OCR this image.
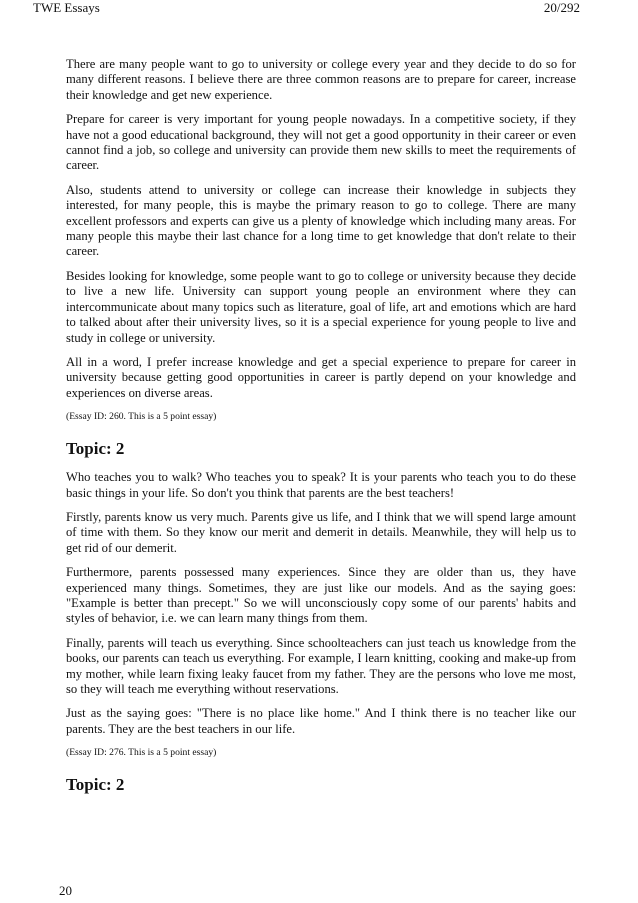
TWE Essays	20/292

There are many people want to go to university or college every year and they decide to do so for many different reasons. I believe there are three common reasons are to prepare for career, increase their knowledge and get new experience.

Prepare for career is very important for young people nowadays. In a competitive society, if they have not a good educational background, they will not get a good opportunity in their career or even cannot find a job, so college and university can provide them new skills to meet the requirements of career.

Also, students attend to university or college can increase their knowledge in subjects they interested, for many people, this is maybe the primary reason to go to college. There are many excellent professors and experts can give us a plenty of knowledge which including many areas. For many people this maybe their last chance for a long time to get knowledge that don't relate to their career.

Besides looking for knowledge, some people want to go to college or university because they decide to live a new life. University can support young people an environment where they can intercommunicate about many topics such as literature, goal of life, art and emotions which are hard to talked about after their university lives, so it is a special experience for young people to live and study in college or university.

All in a word, I prefer increase knowledge and get a special experience to prepare for career in university because getting good opportunities in career is partly depend on your knowledge and experiences on diverse areas.

(Essay ID: 260. This is a 5 point essay)

Topic: 2

Who teaches you to walk? Who teaches you to speak? It is your parents who teach you to do these basic things in your life. So don't you think that parents are the best teachers!

Firstly, parents know us very much. Parents give us life, and I think that we will spend large amount of time with them. So they know our merit and demerit in details. Meanwhile, they will help us to get rid of our demerit.

Furthermore, parents possessed many experiences. Since they are older than us, they have experienced many things. Sometimes, they are just like our models. And as the saying goes: "Example is better than precept." So we will unconsciously copy some of our parents' habits and styles of behavior, i.e. we can learn many things from them.

Finally, parents will teach us everything. Since schoolteachers can just teach us knowledge from the books, our parents can teach us everything. For example, I learn knitting, cooking and make-up from my mother, while learn fixing leaky faucet from my father. They are the persons who love me most, so they will teach me everything without reservations.

Just as the saying goes: "There is no place like home." And I think there is no teacher like our parents. They are the best teachers in our life.

(Essay ID: 276. This is a 5 point essay)

Topic: 2
20
